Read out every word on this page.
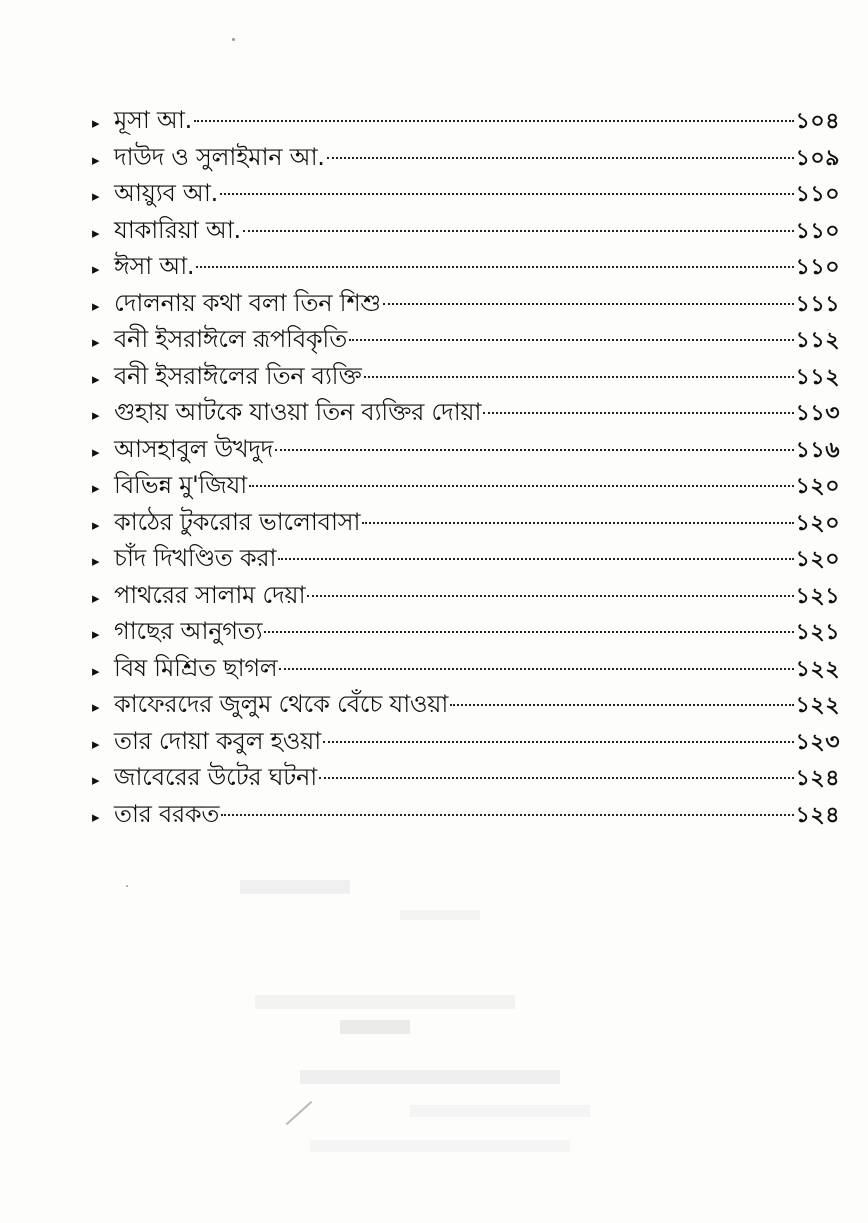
▸ মূসা আ.	১০৪
▸ দাউদ ও সুলাইমান আ.	১০৯
▸ আয়্যুব আ.	১১০
▸ যাকারিয়া আ.	১১০
▸ ঈসা আ.	১১০
▸ দোলনায় কথা বলা তিন শিশু	১১১
▸ বনী ইসরাঈলে রূপবিকৃতি	১১২
▸ বনী ইসরাঈলের তিন ব্যক্তি	১১২
▸ গুহায় আটকে যাওয়া তিন ব্যক্তির দোয়া	১১৩
▸ আসহাবুল উখদুদ	১১৬
▸ বিভিন্ন মু'জিযা	১২০
▸ কাঠের টুকরোর ভালোবাসা	১২০
▸ চাঁদ দিখণ্ডিত করা	১২০
▸ পাথরের সালাম দেয়া	১২১
▸ গাছের আনুগত্য	১২১
▸ বিষ মিশ্রিত ছাগল	১২২
▸ কাফেরদের জুলুম থেকে বেঁচে যাওয়া	১২২
▸ তার দোয়া কবুল হওয়া	১২৩
▸ জাবেরের উটের ঘটনা	১২৪
▸ তার বরকত	১২৪
